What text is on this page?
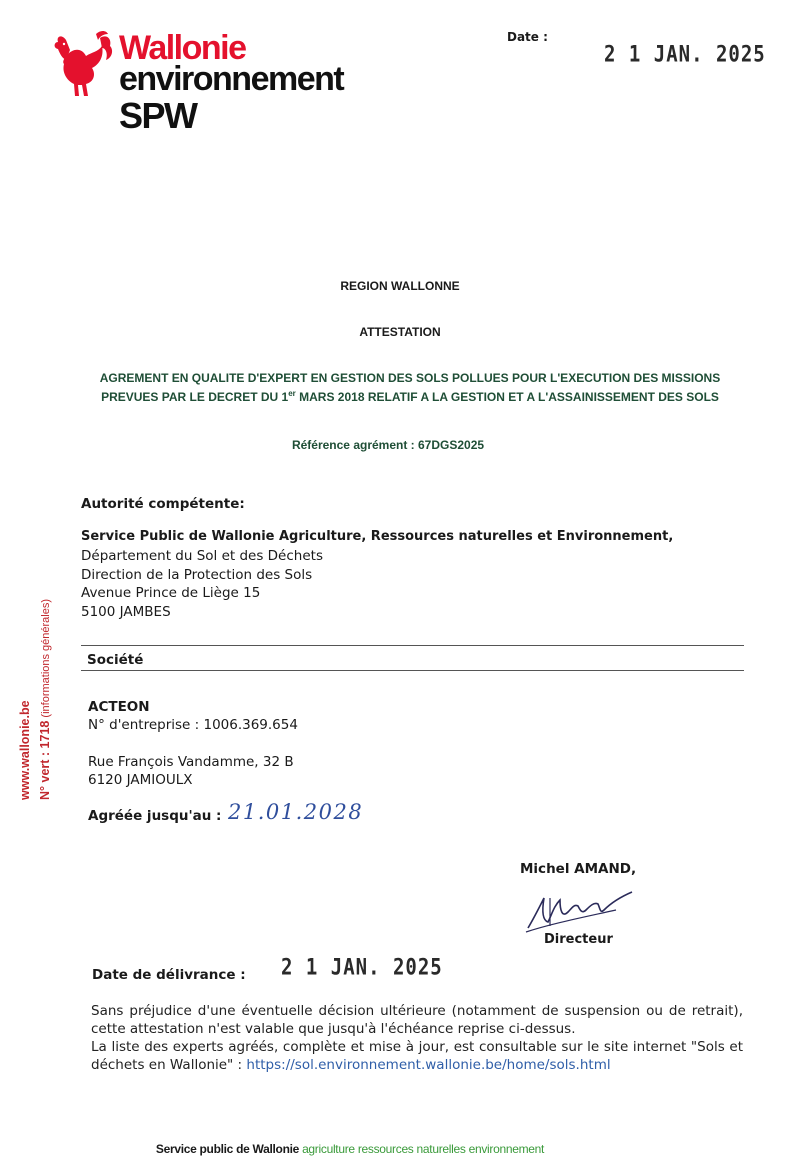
Wallonie
environnement
SPW
Date :
2 1 JAN. 2025
REGION WALLONNE
ATTESTATION
AGREMENT EN QUALITE D'EXPERT EN GESTION DES SOLS POLLUES POUR L'EXECUTION DES MISSIONS
PREVUES PAR LE DECRET DU 1er MARS 2018 RELATIF A LA GESTION ET A L'ASSAINISSEMENT DES SOLS
Référence agrément : 67DGS2025
Autorité compétente:
Service Public de Wallonie Agriculture, Ressources naturelles et Environnement,
Département du Sol et des Déchets
Direction de la Protection des Sols
Avenue Prince de Liège 15
5100 JAMBES
Société
ACTEON
N° d'entreprise : 1006.369.654
Rue François Vandamme, 32 B
6120 JAMIOULX
Agréée jusqu'au : 21.01.2028
Michel AMAND,
Directeur
Date de délivrance : 2 1 JAN. 2025
Sans préjudice d'une éventuelle décision ultérieure (notamment de suspension ou de retrait), cette attestation n'est valable que jusqu'à l'échéance reprise ci-dessus.
La liste des experts agréés, complète et mise à jour, est consultable sur le site internet "Sols et déchets en Wallonie" : https://sol.environnement.wallonie.be/home/sols.html
www.wallonie.be N° vert : 1718 (informations générales)
Service public de Wallonie agriculture ressources naturelles environnement
